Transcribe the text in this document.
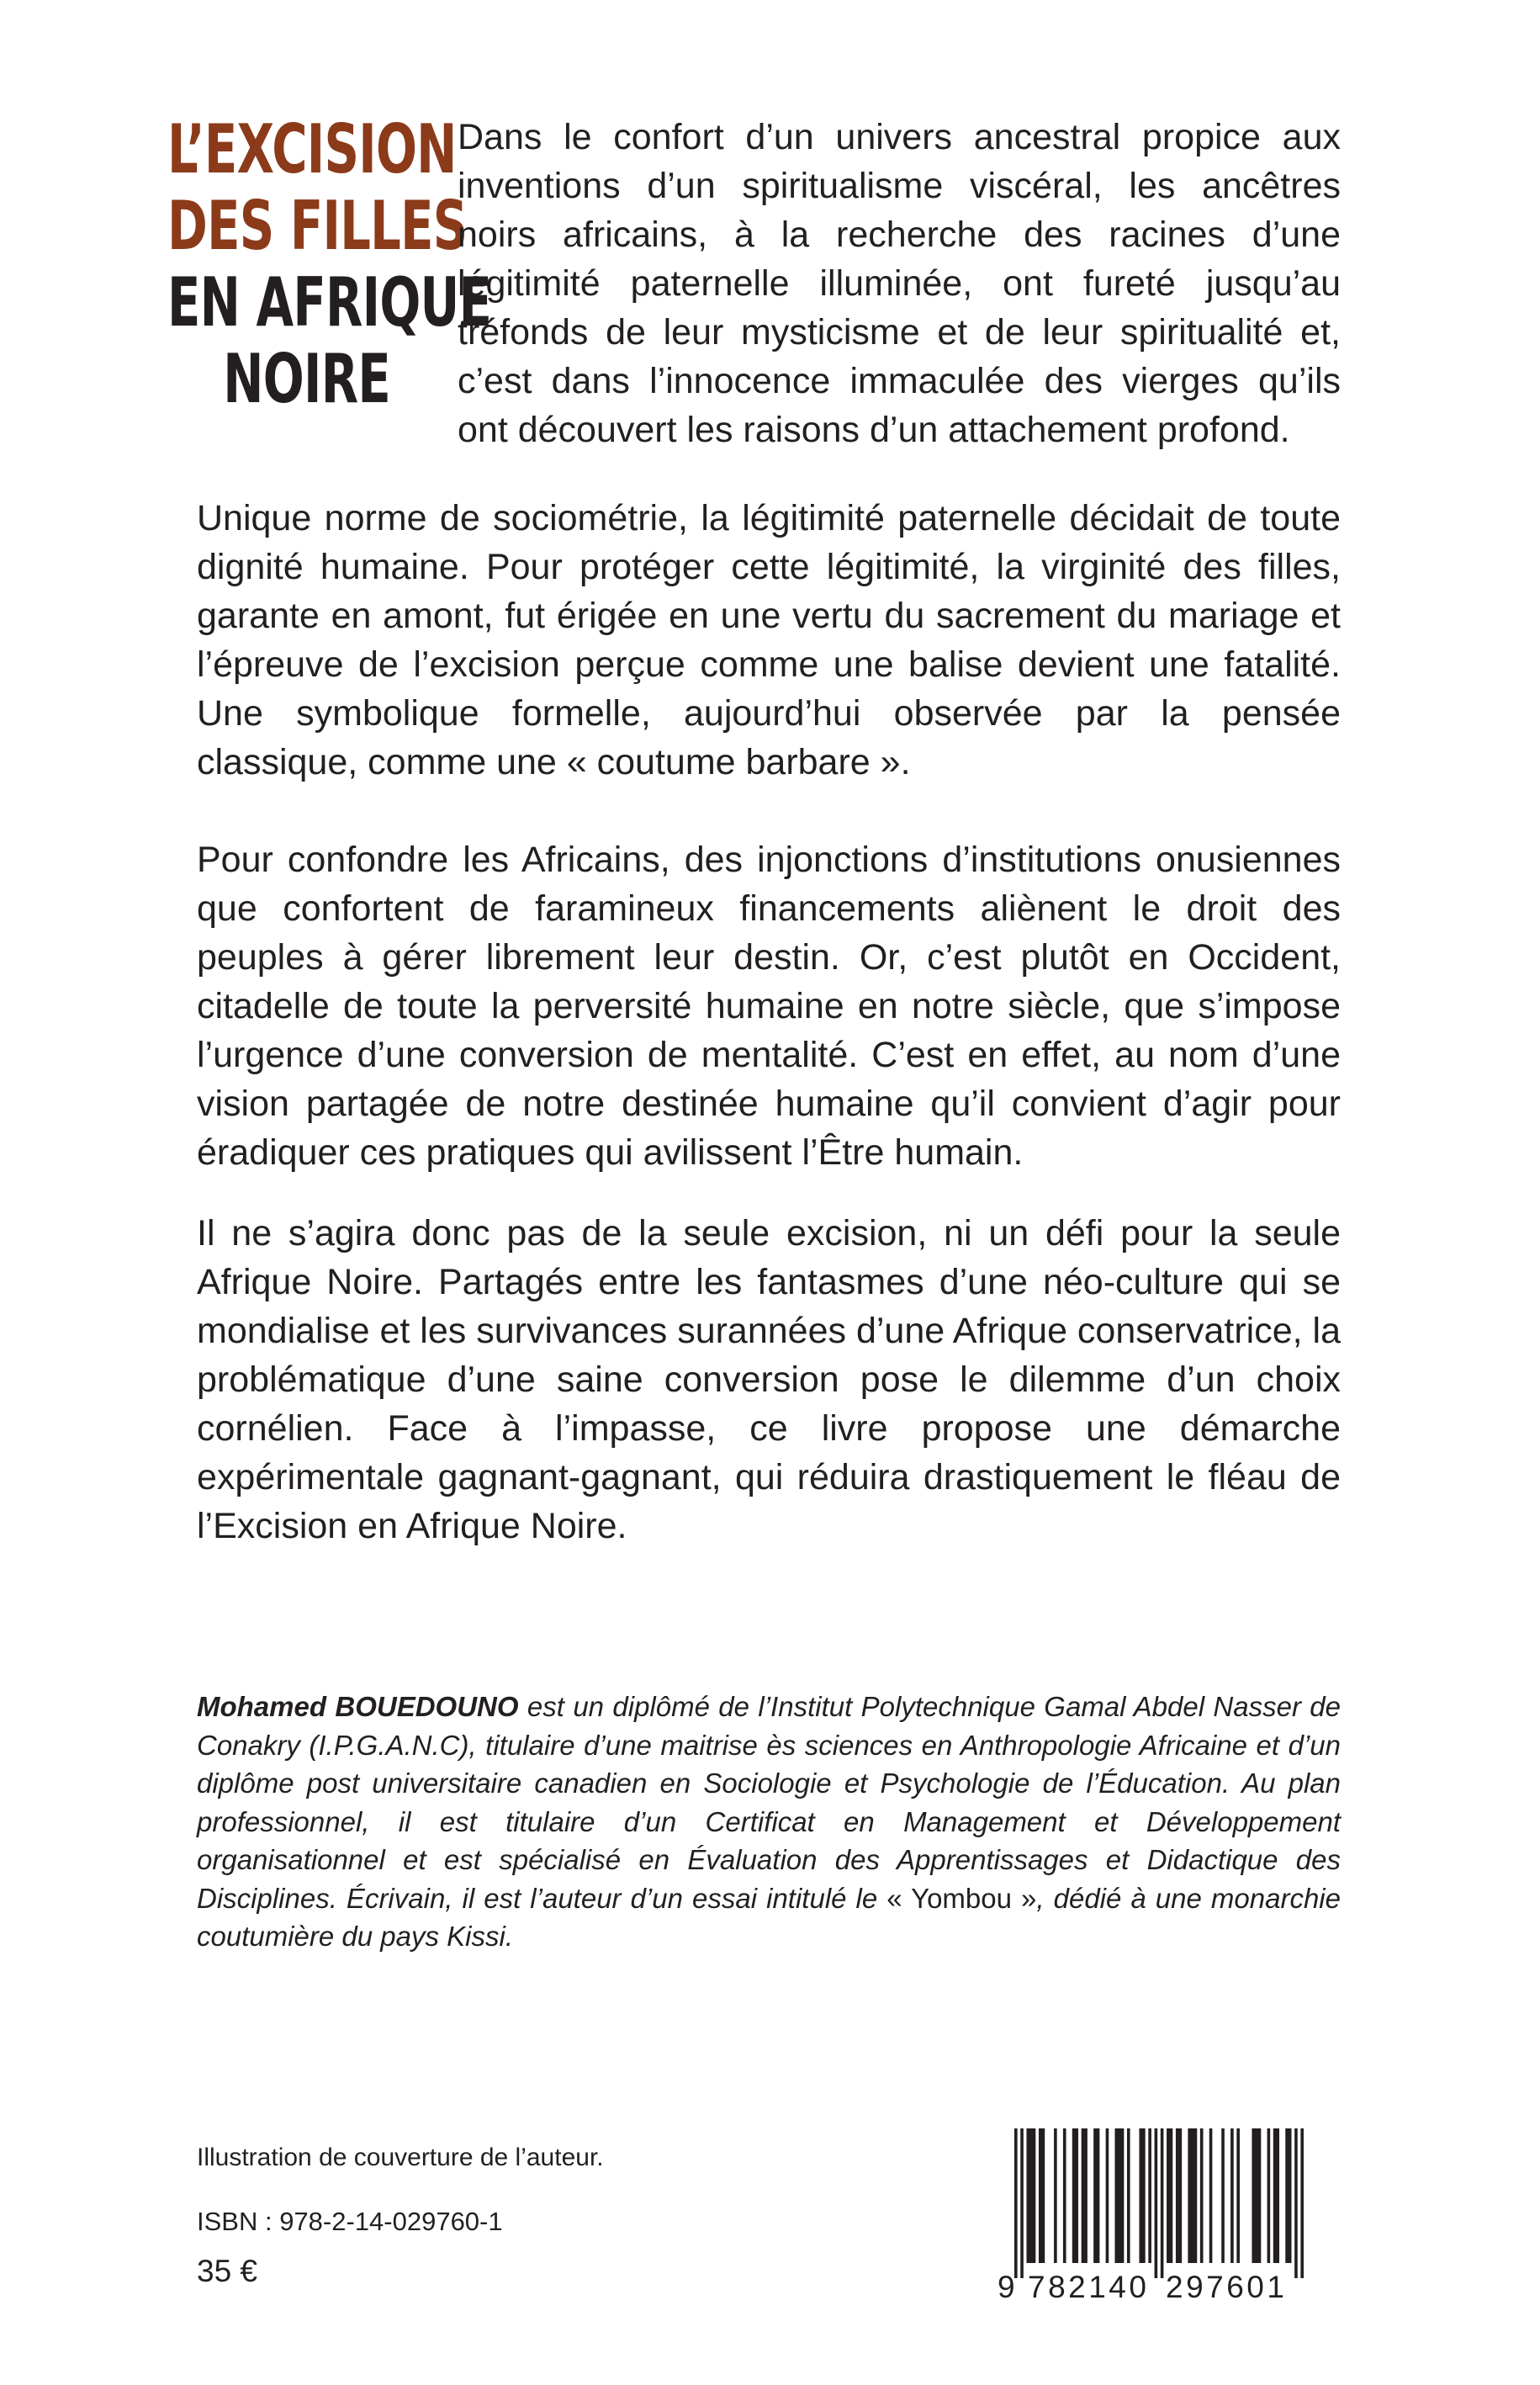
L’EXCISION
DES FILLES
EN AFRIQUE
NOIRE

Dans le confort d’un univers ancestral propice aux inventions d’un spiritualisme viscéral, les ancêtres noirs africains, à la recherche des racines d’une légitimité paternelle illuminée, ont fureté jusqu’au tréfonds de leur mysticisme et de leur spiritualité et, c’est dans l’innocence immaculée des vierges qu’ils ont découvert les raisons d’un attachement profond.

Unique norme de sociométrie, la légitimité paternelle décidait de toute dignité humaine. Pour protéger cette légitimité, la virginité des filles, garante en amont, fut érigée en une vertu du sacrement du mariage et l’épreuve de l’excision perçue comme une balise devient une fatalité. Une symbolique formelle, aujourd’hui observée par la pensée classique, comme une « coutume barbare ».

Pour confondre les Africains, des injonctions d’institutions onusiennes que confortent de faramineux financements aliènent le droit des peuples à gérer librement leur destin. Or, c’est plutôt en Occident, citadelle de toute la perversité humaine en notre siècle, que s’impose l’urgence d’une conversion de mentalité. C’est en effet, au nom d’une vision partagée de notre destinée humaine qu’il convient d’agir pour éradiquer ces pratiques qui avilissent l’Être humain.

Il ne s’agira donc pas de la seule excision, ni un défi pour la seule Afrique Noire. Partagés entre les fantasmes d’une néo-culture qui se mondialise et les survivances surannées d’une Afrique conservatrice, la problématique d’une saine conversion pose le dilemme d’un choix cornélien. Face à l’impasse, ce livre propose une démarche expérimentale gagnant-gagnant, qui réduira drastiquement le fléau de l’Excision en Afrique Noire.

Mohamed BOUEDOUNO est un diplômé de l’Institut Polytechnique Gamal Abdel Nasser de Conakry (I.P.G.A.N.C), titulaire d’une maitrise ès sciences en Anthropologie Africaine et d’un diplôme post universitaire canadien en Sociologie et Psychologie de l’Éducation. Au plan professionnel, il est titulaire d’un Certificat en Management et Développement organisationnel et est spécialisé en Évaluation des Apprentissages et Didactique des Disciplines. Écrivain, il est l’auteur d’un essai intitulé le « Yombou », dédié à une monarchie coutumière du pays Kissi.

Illustration de couverture de l’auteur.

ISBN : 978-2-14-029760-1

35 €	9 782140 297601
